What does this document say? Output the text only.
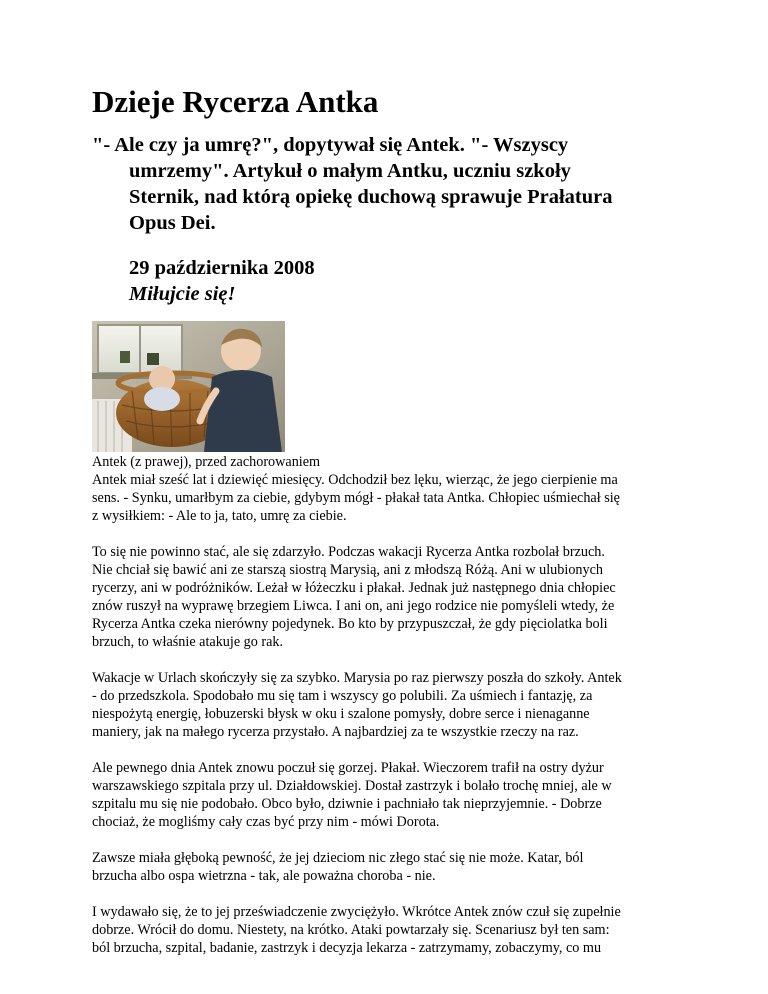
Dzieje Rycerza Antka
"- Ale czy ja umrę?", dopytywał się Antek. "- Wszyscy
umrzemy". Artykuł o małym Antku, uczniu szkoły
Sternik, nad którą opiekę duchową sprawuje Prałatura
Opus Dei.
29 października 2008
Miłujcie się!
Antek (z prawej), przed zachorowaniem
Antek miał sześć lat i dziewięć miesięcy. Odchodził bez lęku, wierząc, że jego cierpienie ma
sens. - Synku, umarłbym za ciebie, gdybym mógł - płakał tata Antka. Chłopiec uśmiechał się
z wysiłkiem: - Ale to ja, tato, umrę za ciebie.
To się nie powinno stać, ale się zdarzyło. Podczas wakacji Rycerza Antka rozbolał brzuch.
Nie chciał się bawić ani ze starszą siostrą Marysią, ani z młodszą Różą. Ani w ulubionych
rycerzy, ani w podróżników. Leżał w łóżeczku i płakał. Jednak już następnego dnia chłopiec
znów ruszył na wyprawę brzegiem Liwca. I ani on, ani jego rodzice nie pomyśleli wtedy, że
Rycerza Antka czeka nierówny pojedynek. Bo kto by przypuszczał, że gdy pięciolatka boli
brzuch, to właśnie atakuje go rak.
Wakacje w Urlach skończyły się za szybko. Marysia po raz pierwszy poszła do szkoły. Antek
- do przedszkola. Spodobało mu się tam i wszyscy go polubili. Za uśmiech i fantazję, za
niespożytą energię, łobuzerski błysk w oku i szalone pomysły, dobre serce i nienaganne
maniery, jak na małego rycerza przystało. A najbardziej za te wszystkie rzeczy na raz.
Ale pewnego dnia Antek znowu poczuł się gorzej. Płakał. Wieczorem trafił na ostry dyżur
warszawskiego szpitala przy ul. Działdowskiej. Dostał zastrzyk i bolało trochę mniej, ale w
szpitalu mu się nie podobało. Obco było, dziwnie i pachniało tak nieprzyjemnie. - Dobrze
chociaż, że mogliśmy cały czas być przy nim - mówi Dorota.
Zawsze miała głęboką pewność, że jej dzieciom nic złego stać się nie może. Katar, ból
brzucha albo ospa wietrzna - tak, ale poważna choroba - nie.
I wydawało się, że to jej przeświadczenie zwyciężyło. Wkrótce Antek znów czuł się zupełnie
dobrze. Wrócił do domu. Niestety, na krótko. Ataki powtarzały się. Scenariusz był ten sam:
ból brzucha, szpital, badanie, zastrzyk i decyzja lekarza - zatrzymamy, zobaczymy, co mu
